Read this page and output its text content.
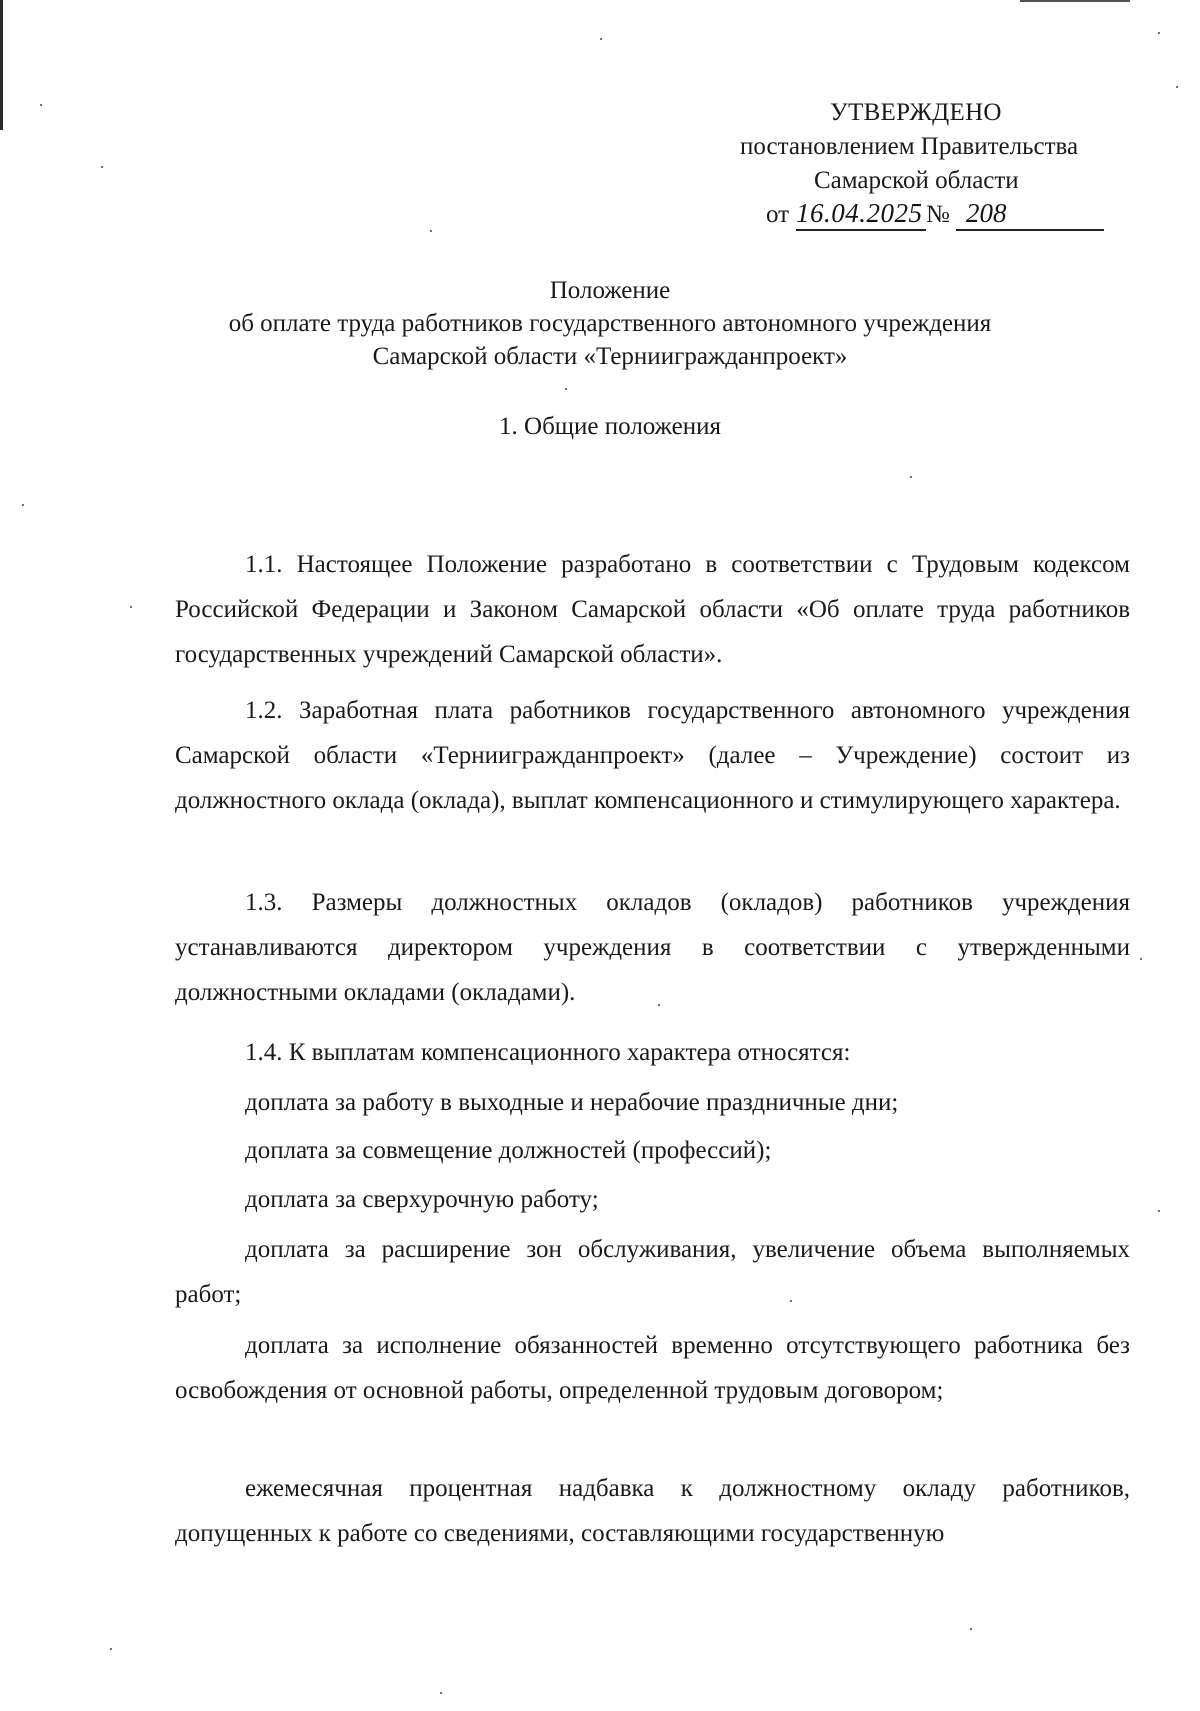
УТВЕРЖДЕНО
постановлением Правительства
Самарской области
от 16.04.2025 № 208
Положение
об оплате труда работников государственного автономного учреждения
Самарской области «Терниигражданпроект»
1. Общие положения
1.1. Настоящее Положение разработано в соответствии с Трудовым кодексом Российской Федерации и Законом Самарской области «Об оплате труда работников государственных учреждений Самарской области».
1.2. Заработная плата работников государственного автономного учреждения Самарской области «Терниигражданпроект» (далее – Учреждение) состоит из должностного оклада (оклада), выплат компенсационного и стимулирующего характера.
1.3. Размеры должностных окладов (окладов) работников учреждения устанавливаются директором учреждения в соответствии с утвержденными должностными окладами (окладами).
1.4. К выплатам компенсационного характера относятся:
доплата за работу в выходные и нерабочие праздничные дни;
доплата за совмещение должностей (профессий);
доплата за сверхурочную работу;
доплата за расширение зон обслуживания, увеличение объема выполняемых работ;
доплата за исполнение обязанностей временно отсутствующего работника без освобождения от основной работы, определенной трудовым договором;
ежемесячная процентная надбавка к должностному окладу работников, допущенных к работе со сведениями, составляющими государственную
